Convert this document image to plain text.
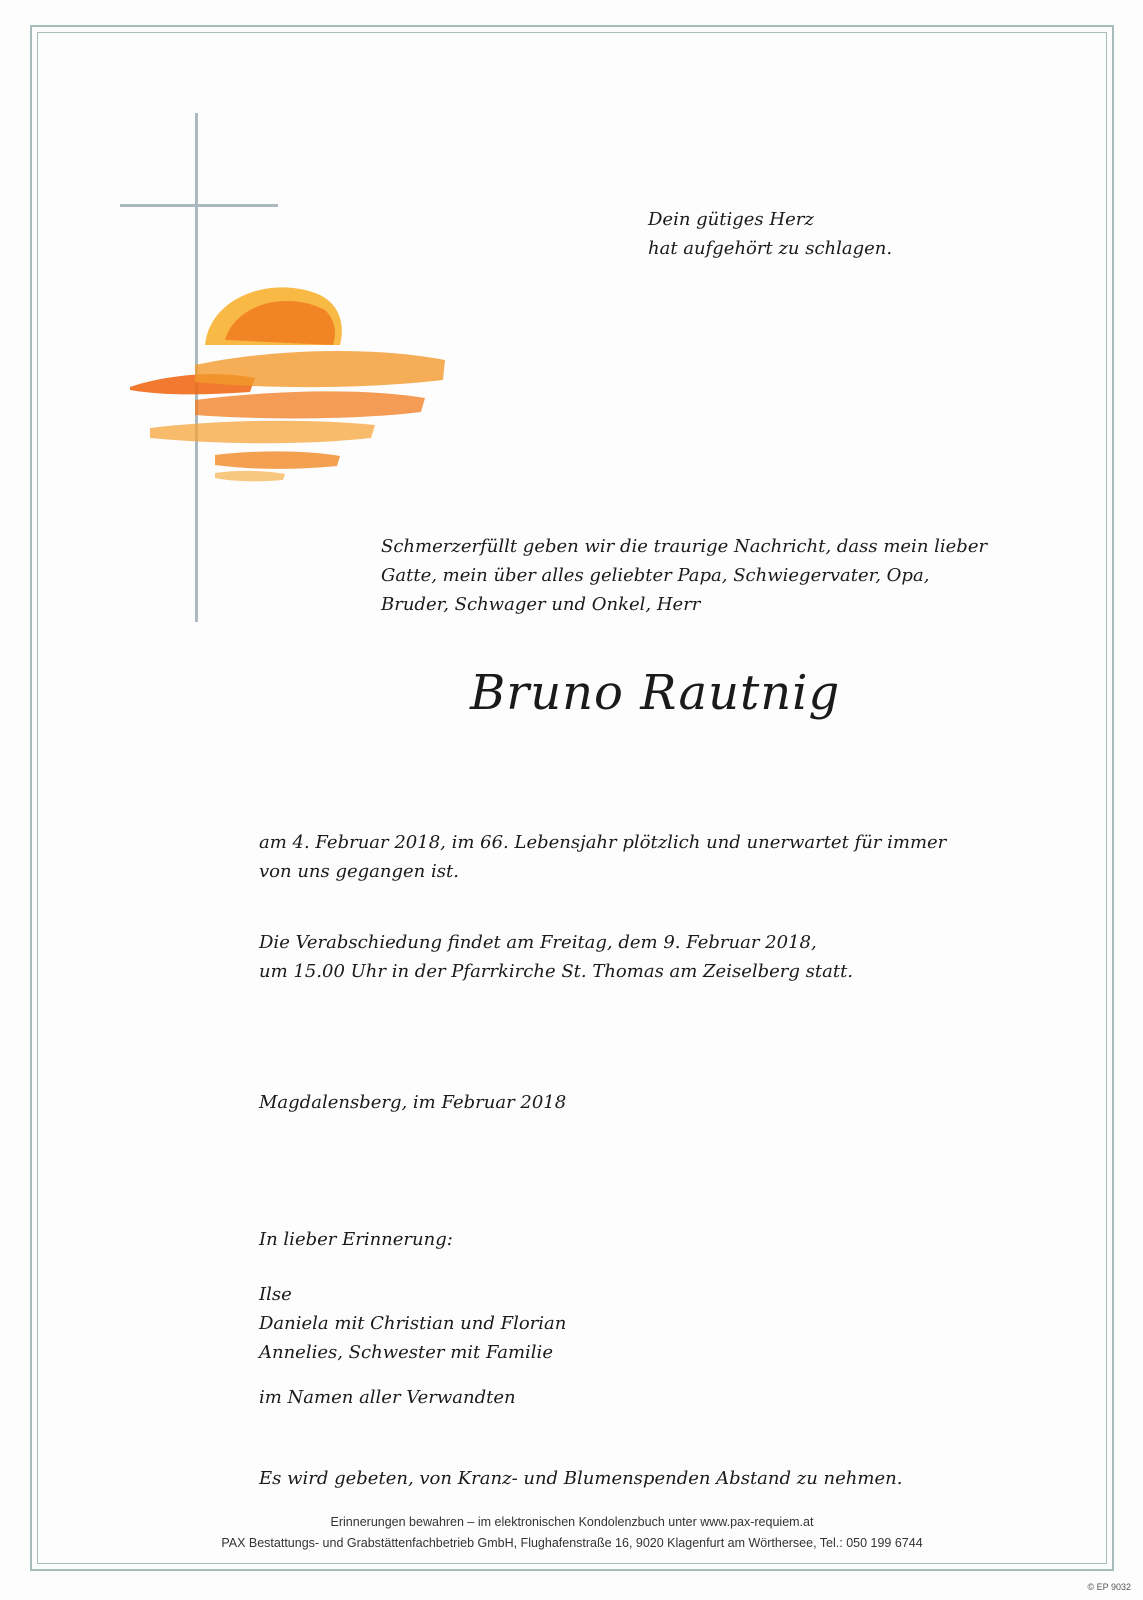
Dein gütiges Herz
hat aufgehört zu schlagen.
Schmerzerfüllt geben wir die traurige Nachricht, dass mein lieber
Gatte, mein über alles geliebter Papa, Schwiegervater, Opa,
Bruder, Schwager und Onkel, Herr
Bruno Rautnig
am 4. Februar 2018, im 66. Lebensjahr plötzlich und unerwartet für immer
von uns gegangen ist.
Die Verabschiedung findet am Freitag, dem 9. Februar 2018,
um 15.00 Uhr in der Pfarrkirche St. Thomas am Zeiselberg statt.
Magdalensberg, im Februar 2018
In lieber Erinnerung:
Ilse
Daniela mit Christian und Florian
Annelies, Schwester mit Familie
im Namen aller Verwandten
Es wird gebeten, von Kranz- und Blumenspenden Abstand zu nehmen.
Erinnerungen bewahren – im elektronischen Kondolenzbuch unter www.pax-requiem.at
PAX Bestattungs- und Grabstättenfachbetrieb GmbH, Flughafenstraße 16, 9020 Klagenfurt am Wörthersee, Tel.: 050 199 6744
© EP 9032
